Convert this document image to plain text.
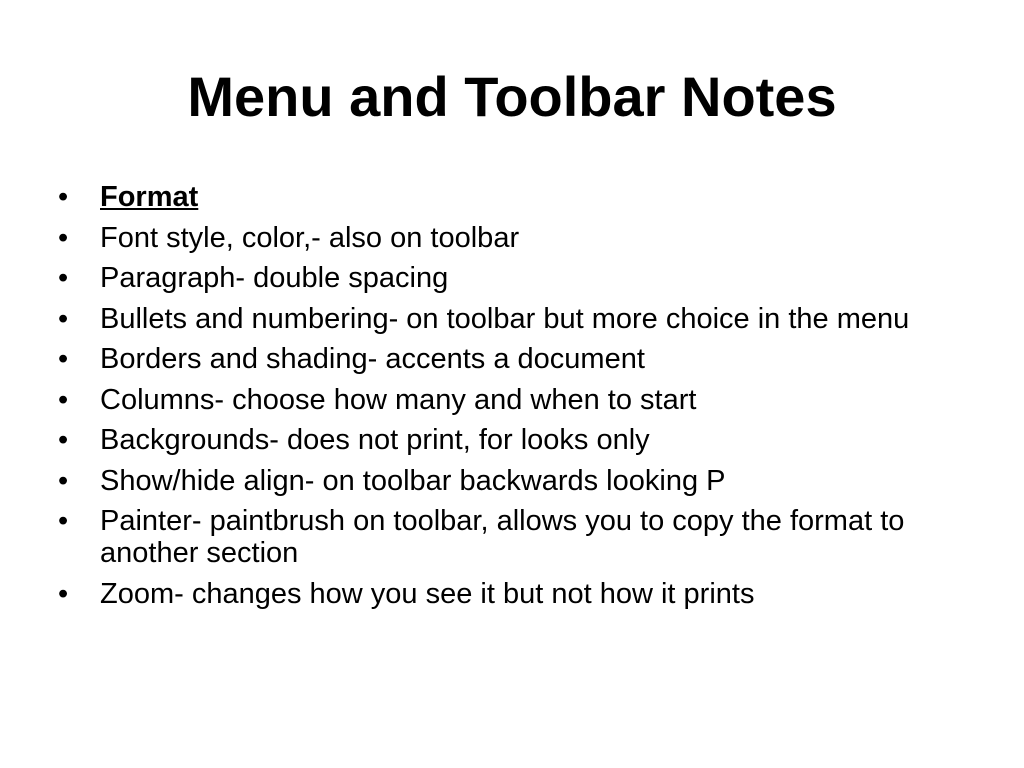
Menu and Toolbar Notes
•	Format
•	Font style, color,- also on toolbar
•	Paragraph- double spacing
•	Bullets and numbering- on toolbar but more choice in the menu
•	Borders and shading- accents a document
•	Columns- choose how many and when to start
•	Backgrounds- does not print, for looks only
•	Show/hide align- on toolbar backwards looking P
•	Painter- paintbrush on toolbar, allows you to copy the format to another section
•	Zoom- changes how you see it but not how it prints
